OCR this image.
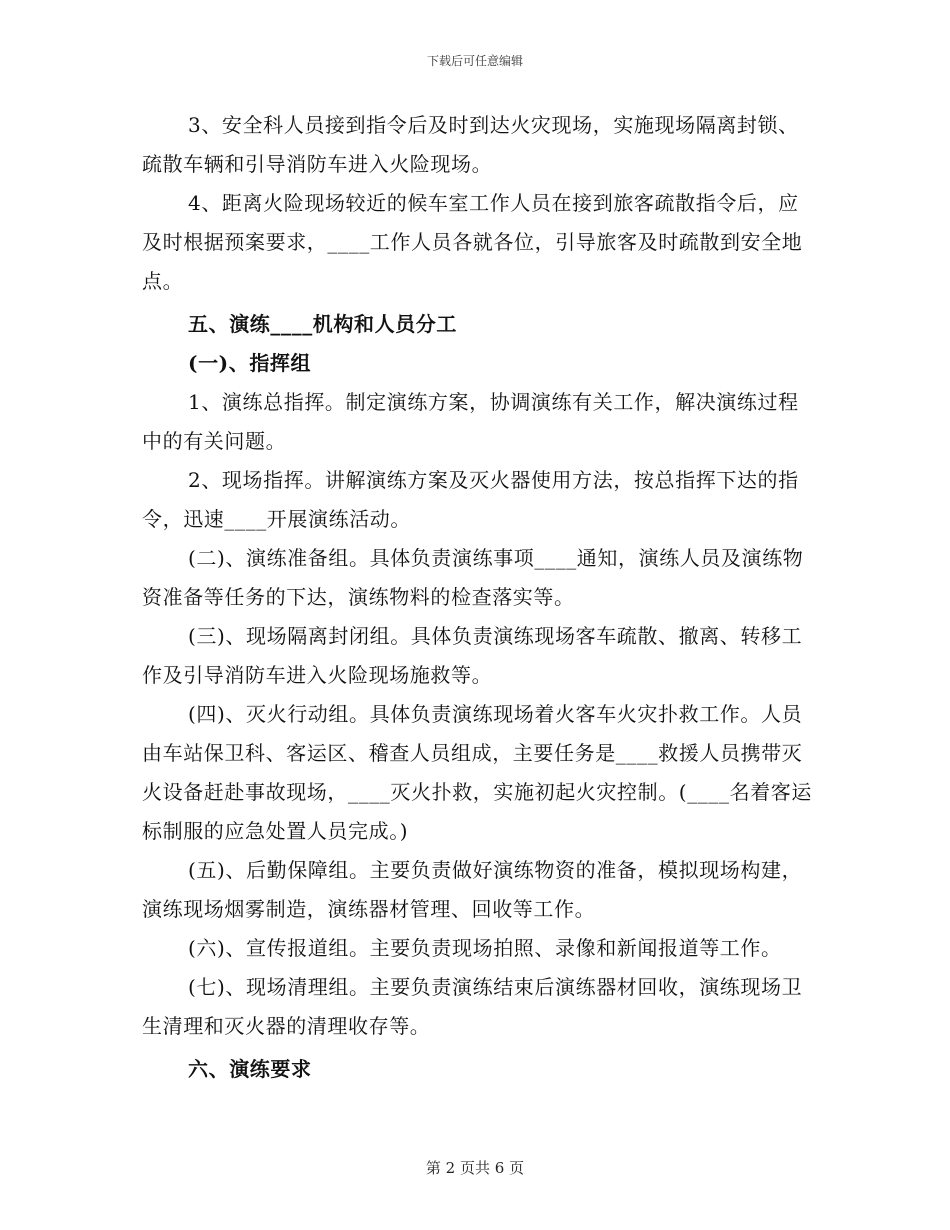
下载后可任意编辑

3、安全科人员接到指令后及时到达火灾现场，实施现场隔离封锁、疏散车辆和引导消防车进入火险现场。

4、距离火险现场较近的候车室工作人员在接到旅客疏散指令后，应及时根据预案要求，____工作人员各就各位，引导旅客及时疏散到安全地点。

五、演练____机构和人员分工

(一)、指挥组

1、演练总指挥。制定演练方案，协调演练有关工作，解决演练过程中的有关问题。

2、现场指挥。讲解演练方案及灭火器使用方法，按总指挥下达的指令，迅速____开展演练活动。

(二)、演练准备组。具体负责演练事项____通知，演练人员及演练物资准备等任务的下达，演练物料的检查落实等。

(三)、现场隔离封闭组。具体负责演练现场客车疏散、撤离、转移工作及引导消防车进入火险现场施救等。

(四)、灭火行动组。具体负责演练现场着火客车火灾扑救工作。人员由车站保卫科、客运区、稽查人员组成，主要任务是____救援人员携带灭火设备赶赴事故现场，____灭火扑救，实施初起火灾控制。(____名着客运标制服的应急处置人员完成。)

(五)、后勤保障组。主要负责做好演练物资的准备，模拟现场构建，演练现场烟雾制造，演练器材管理、回收等工作。

(六)、宣传报道组。主要负责现场拍照、录像和新闻报道等工作。

(七)、现场清理组。主要负责演练结束后演练器材回收，演练现场卫生清理和灭火器的清理收存等。

六、演练要求

第 2 页共 6 页
